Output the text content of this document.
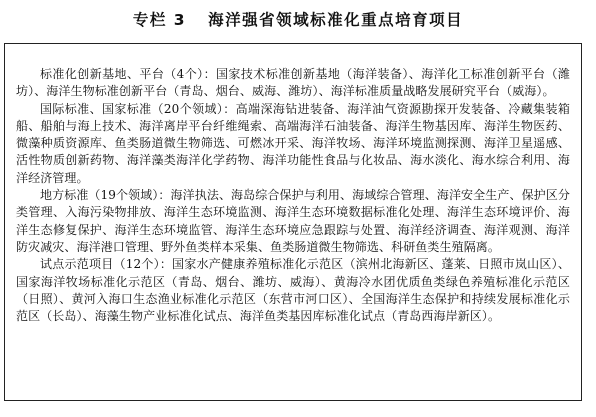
专栏 3 海洋强省领域标准化重点培育项目

标准化创新基地、平台（4个）：国家技术标准创新基地（海洋装备）、海洋化工标准创新平台（潍坊）、海洋生物标准创新平台（青岛、烟台、威海、潍坊）、海洋标准质量战略发展研究平台（威海）。

国际标准、国家标准（20个领域）：高端深海钻进装备、海洋油气资源勘探开发装备、冷藏集装箱船、船舶与海上技术、海洋离岸平台纤维绳索、高端海洋石油装备、海洋生物基因库、海洋生物医药、微藻种质资源库、鱼类肠道微生物筛选、可燃冰开采、海洋牧场、海洋环境监测探测、海洋卫星遥感、活性物质创新药物、海洋藻类海洋化学药物、海洋功能性食品与化妆品、海水淡化、海水综合利用、海洋经济管理。

地方标准（19个领域）：海洋执法、海岛综合保护与利用、海域综合管理、海洋安全生产、保护区分类管理、入海污染物排放、海洋生态环境监测、海洋生态环境数据标准化处理、海洋生态环境评价、海洋生态修复保护、海洋生态环境监管、海洋生态环境应急跟踪与处置、海洋经济调查、海洋观测、海洋防灾减灾、海洋港口管理、野外鱼类样本采集、鱼类肠道微生物筛选、科研鱼类生殖隔离。

试点示范项目（12个）：国家水产健康养殖标准化示范区（滨州北海新区、蓬莱、日照市岚山区）、国家海洋牧场标准化示范区（青岛、烟台、潍坊、威海）、黄海冷水团优质鱼类绿色养殖标准化示范区（日照）、黄河入海口生态渔业标准化示范区（东营市河口区）、全国海洋生态保护和持续发展标准化示范区（长岛）、海藻生物产业标准化试点、海洋鱼类基因库标准化试点（青岛西海岸新区）。
